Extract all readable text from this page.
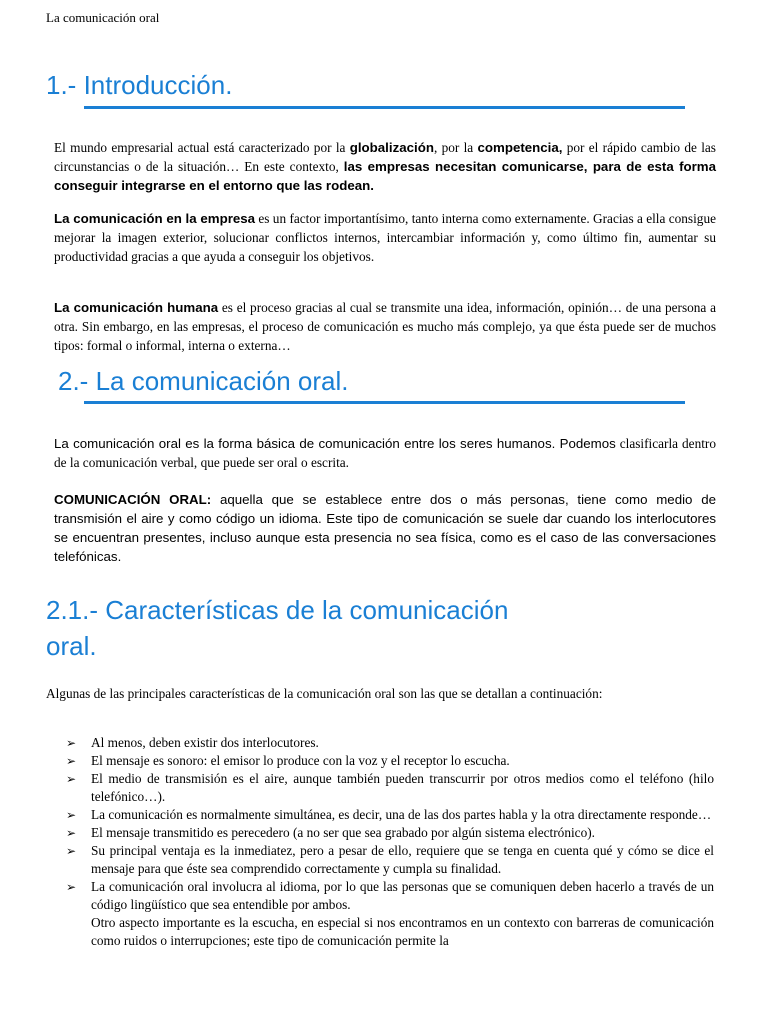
La comunicación oral
1.- Introducción.

El mundo empresarial actual está caracterizado por la globalización, por la competencia, por el rápido cambio de las circunstancias o de la situación… En este contexto, las empresas necesitan comunicarse, para de esta forma conseguir integrarse en el entorno que las rodean.

La comunicación en la empresa es un factor importantísimo, tanto interna como externamente. Gracias a ella consigue mejorar la imagen exterior, solucionar conflictos internos, intercambiar información y, como último fin, aumentar su productividad gracias a que ayuda a conseguir los objetivos.

La comunicación humana es el proceso gracias al cual se transmite una idea, información, opinión… de una persona a otra. Sin embargo, en las empresas, el proceso de comunicación es mucho más complejo, ya que ésta puede ser de muchos tipos: formal o informal, interna o externa…

2.- La comunicación oral.

La comunicación oral es la forma básica de comunicación entre los seres humanos. Podemos clasificarla dentro de la comunicación verbal, que puede ser oral o escrita.

COMUNICACIÓN ORAL: aquella que se establece entre dos o más personas, tiene como medio de transmisión el aire y como código un idioma. Este tipo de comunicación se suele dar cuando los interlocutores se encuentran presentes, incluso aunque esta presencia no sea física, como es el caso de las conversaciones telefónicas.

2.1.- Características de la comunicación
oral.

Algunas de las principales características de la comunicación oral son las que se detallan a continuación:

➢ Al menos, deben existir dos interlocutores.
➢ El mensaje es sonoro: el emisor lo produce con la voz y el receptor lo escucha.
➢ El medio de transmisión es el aire, aunque también pueden transcurrir por otros medios como el teléfono (hilo telefónico…).
➢ La comunicación es normalmente simultánea, es decir, una de las dos partes habla y la otra directamente responde…
➢ El mensaje transmitido es perecedero (a no ser que sea grabado por algún sistema electrónico).
➢ Su principal ventaja es la inmediatez, pero a pesar de ello, requiere que se tenga en cuenta qué y cómo se dice el mensaje para que éste sea comprendido correctamente y cumpla su finalidad.
➢ La comunicación oral involucra al idioma, por lo que las personas que se comuniquen deben hacerlo a través de un código lingüístico que sea entendible por ambos.
Otro aspecto importante es la escucha, en especial si nos encontramos en un contexto con barreras de comunicación como ruidos o interrupciones; este tipo de comunicación permite la
